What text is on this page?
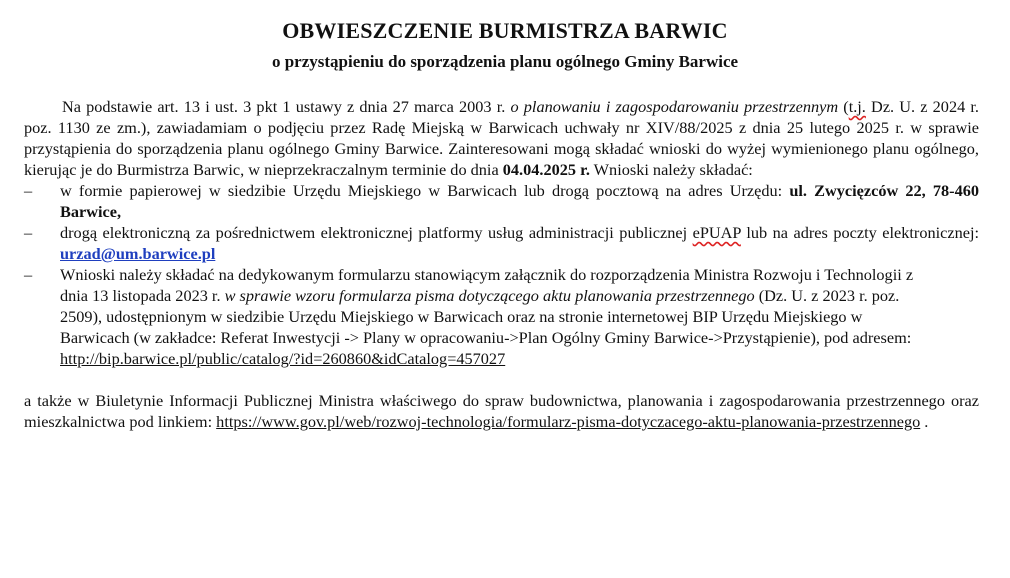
OBWIESZCZENIE BURMISTRZA BARWIC
o przystąpieniu do sporządzenia planu ogólnego Gminy Barwice

Na podstawie art. 13 i ust. 3 pkt 1 ustawy z dnia 27 marca 2003 r. o planowaniu i zagospodarowaniu przestrzennym (t.j. Dz. U. z 2024 r. poz. 1130 ze zm.), zawiadamiam o podjęciu przez Radę Miejską w Barwicach uchwały nr XIV/88/2025 z dnia 25 lutego 2025 r. w sprawie przystąpienia do sporządzenia planu ogólnego Gminy Barwice. Zainteresowani mogą składać wnioski do wyżej wymienionego planu ogólnego, kierując je do Burmistrza Barwic, w nieprzekraczalnym terminie do dnia 04.04.2025 r. Wnioski należy składać:

– w formie papierowej w siedzibie Urzędu Miejskiego w Barwicach lub drogą pocztową na adres Urzędu: ul. Zwycięzców 22, 78-460 Barwice,
– drogą elektroniczną za pośrednictwem elektronicznej platformy usług administracji publicznej ePUAP lub na adres poczty elektronicznej: urzad@um.barwice.pl
– Wnioski należy składać na dedykowanym formularzu stanowiącym załącznik do rozporządzenia Ministra Rozwoju i Technologii z dnia 13 listopada 2023 r. w sprawie wzoru formularza pisma dotyczącego aktu planowania przestrzennego (Dz. U. z 2023 r. poz. 2509), udostępnionym w siedzibie Urzędu Miejskiego w Barwicach oraz na stronie internetowej BIP Urzędu Miejskiego w Barwicach (w zakładce: Referat Inwestycji -> Plany w opracowaniu->Plan Ogólny Gminy Barwice->Przystąpienie), pod adresem: http://bip.barwice.pl/public/catalog/?id=260860&idCatalog=457027

a także w Biuletynie Informacji Publicznej Ministra właściwego do spraw budownictwa, planowania i zagospodarowania przestrzennego oraz mieszkalnictwa pod linkiem: https://www.gov.pl/web/rozwoj-technologia/formularz-pisma-dotyczacego-aktu-planowania-przestrzennego .
